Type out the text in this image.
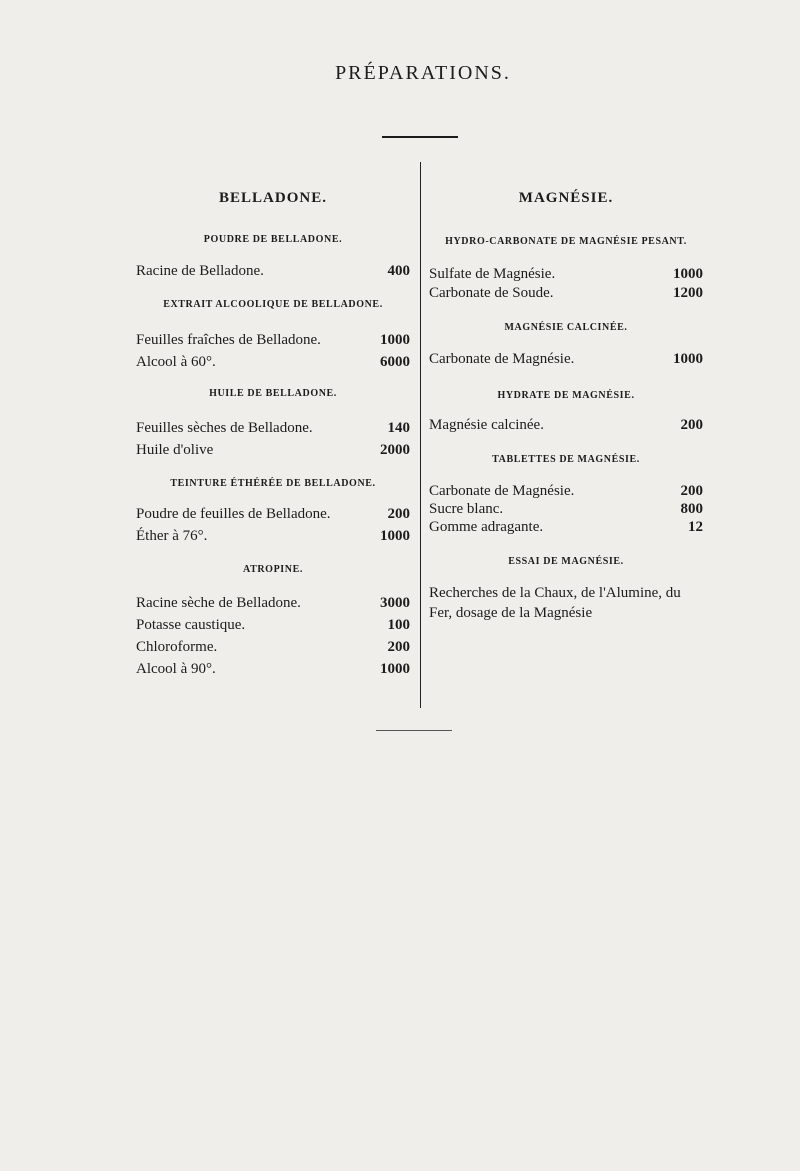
PRÉPARATIONS.
BELLADONE.
POUDRE DE BELLADONE.
Racine de Belladone.	400
EXTRAIT ALCOOLIQUE DE BELLADONE.
Feuilles fraîches de Belladone.	1000
Alcool à 60°.	6000
HUILE DE BELLADONE.
Feuilles sèches de Belladone.	140
Huile d'olive	2000
TEINTURE ÉTHÉRÉE DE BELLADONE.
Poudre de feuilles de Belladone.	200
Éther à 76°.	1000
ATROPINE.
Racine sèche de Belladone.	3000
Potasse caustique.	100
Chloroforme.	200
Alcool à 90°.	1000
MAGNÉSIE.
HYDRO-CARBONATE DE MAGNÉSIE PESANT.
Sulfate de Magnésie.	1000
Carbonate de Soude.	1200
MAGNÉSIE CALCINÉE.
Carbonate de Magnésie.	1000
HYDRATE DE MAGNÉSIE.
Magnésie calcinée.	200
TABLETTES DE MAGNÉSIE.
Carbonate de Magnésie.	200
Sucre blanc.	800
Gomme adragante.	12
ESSAI DE MAGNÉSIE.
Recherches de la Chaux, de l'Alumine, du Fer, dosage de la Magnésie
